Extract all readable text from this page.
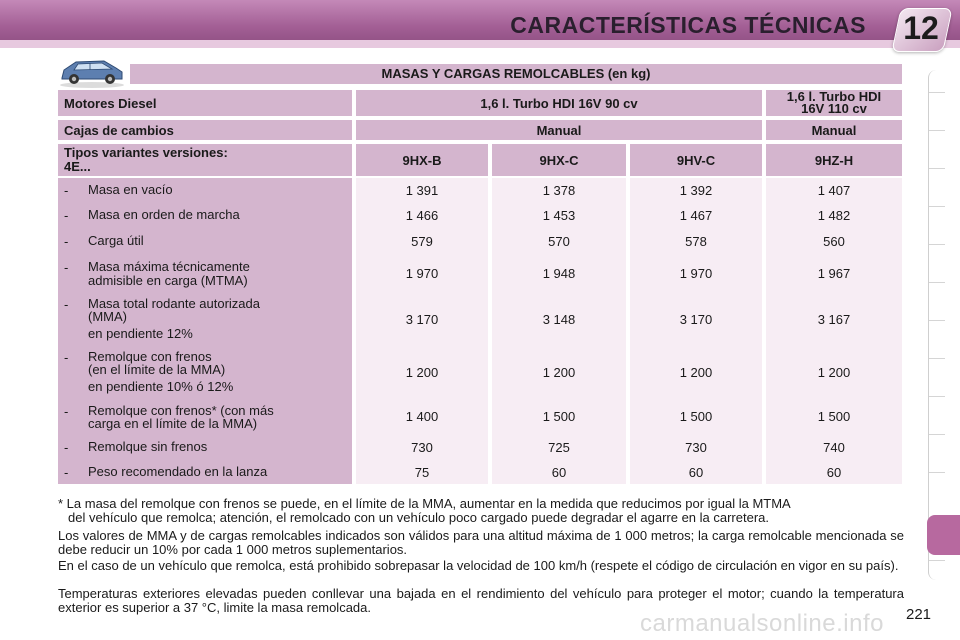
CARACTERÍSTICAS TÉCNICAS 12
MASAS Y CARGAS REMOLCABLES (en kg)
Motores Diesel	1,6 l. Turbo HDI 16V 90 cv	1,6 l. Turbo HDI 16V 110 cv
Cajas de cambios	Manual	Manual
Tipos variantes versiones:
4E...	9HX-B	9HX-C	9HV-C	9HZ-H
- Masa en vacío	1 391	1 378	1 392	1 407
- Masa en orden de marcha	1 466	1 453	1 467	1 482
- Carga útil	579	570	578	560
- Masa máxima técnicamente
admisible en carga (MTMA)	1 970	1 948	1 970	1 967
- Masa total rodante autorizada
(MMA)
en pendiente 12%
3 170	3 148	3 170	3 167
- Remolque con frenos
(en el límite de la MMA)
en pendiente 10% ó 12%
1 200	1 200	1 200	1 200
- Remolque con frenos* (con más
carga en el límite de la MMA)	1 400	1 500	1 500	1 500
- Remolque sin frenos	730	725	730	740
- Peso recomendado en la lanza	75	60	60	60
* La masa del remolque con frenos se puede, en el límite de la MMA, aumentar en la medida que reducimos por igual la MTMA
del vehículo que remolca; atención, el remolcado con un vehículo poco cargado puede degradar el agarre en la carretera.
Los valores de MMA y de cargas remolcables indicados son válidos para una altitud máxima de 1 000 metros; la carga remolcable mencionada se debe reducir un 10% por cada 1 000 metros suplementarios.
En el caso de un vehículo que remolca, está prohibido sobrepasar la velocidad de 100 km/h (respete el código de circulación en vigor en su país).
Temperaturas exteriores elevadas pueden conllevar una bajada en el rendimiento del vehículo para proteger el motor; cuando la temperatura exterior es superior a 37 °C, limite la masa remolcada.
carmanualsonline.info 221
